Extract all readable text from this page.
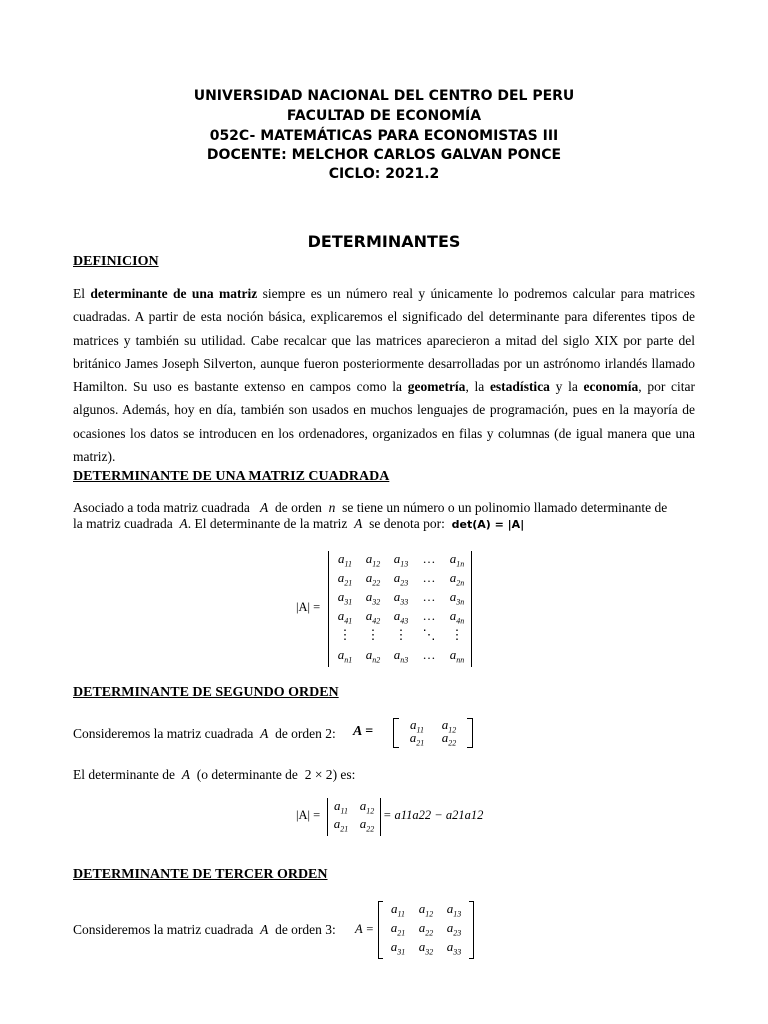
UNIVERSIDAD NACIONAL DEL CENTRO DEL PERU
FACULTAD DE ECONOMÍA
052C- MATEMÁTICAS PARA ECONOMISTAS III
DOCENTE: MELCHOR CARLOS GALVAN PONCE
CICLO: 2021.2
DETERMINANTES
DEFINICION
El determinante de una matriz siempre es un número real y únicamente lo podremos calcular para matrices cuadradas. A partir de esta noción básica, explicaremos el significado del determinante para diferentes tipos de matrices y también su utilidad. Cabe recalcar que las matrices aparecieron a mitad del siglo XIX por parte del británico James Joseph Silverton, aunque fueron posteriormente desarrolladas por un astrónomo irlandés llamado Hamilton. Su uso es bastante extenso en campos como la geometría, la estadística y la economía, por citar algunos. Además, hoy en día, también son usados en muchos lenguajes de programación, pues en la mayoría de ocasiones los datos se introducen en los ordenadores, organizados en filas y columnas (de igual manera que una matriz).
DETERMINANTE DE UNA MATRIZ CUADRADA
Asociado a toda matriz cuadrada A de orden n se tiene un número o un polinomio llamado determinante de
la matriz cuadrada A. El determinante de la matriz A se denota por: det(A) = |A|
|A| =
$a_{11}$	$a_{12}$	$a_{13}$	…	$a_{1n}$
$a_{21}$	$a_{22}$	$a_{23}$	…	$a_{2n}$
$a_{31}$	$a_{32}$	$a_{33}$	…	$a_{3n}$
$a_{41}$	$a_{42}$	$a_{43}$	…	$a_{4n}$
⋮	⋮	⋮	⋱	⋮
$a_{n1}$	$a_{n2}$	$a_{n3}$	…	$a_{nn}$
DETERMINANTE DE SEGUNDO ORDEN
Consideremos la matriz cuadrada A de orden 2: A =	$a_{11}$	$a_{12}$
$a_{21}$	$a_{22}$
El determinante de A (o determinante de 2 × 2) es:
|A| =
$a_{11}$ $a_{12}$
$a_{21}$ $a_{22}$
= a11a22 − a21a12
DETERMINANTE DE TERCER ORDEN
Consideremos la matriz cuadrada A de orden 3: A =
$a_{11}$	$a_{12}$	$a_{13}$
$a_{21}$	$a_{22}$	$a_{23}$
$a_{31}$	$a_{32}$	$a_{33}$
